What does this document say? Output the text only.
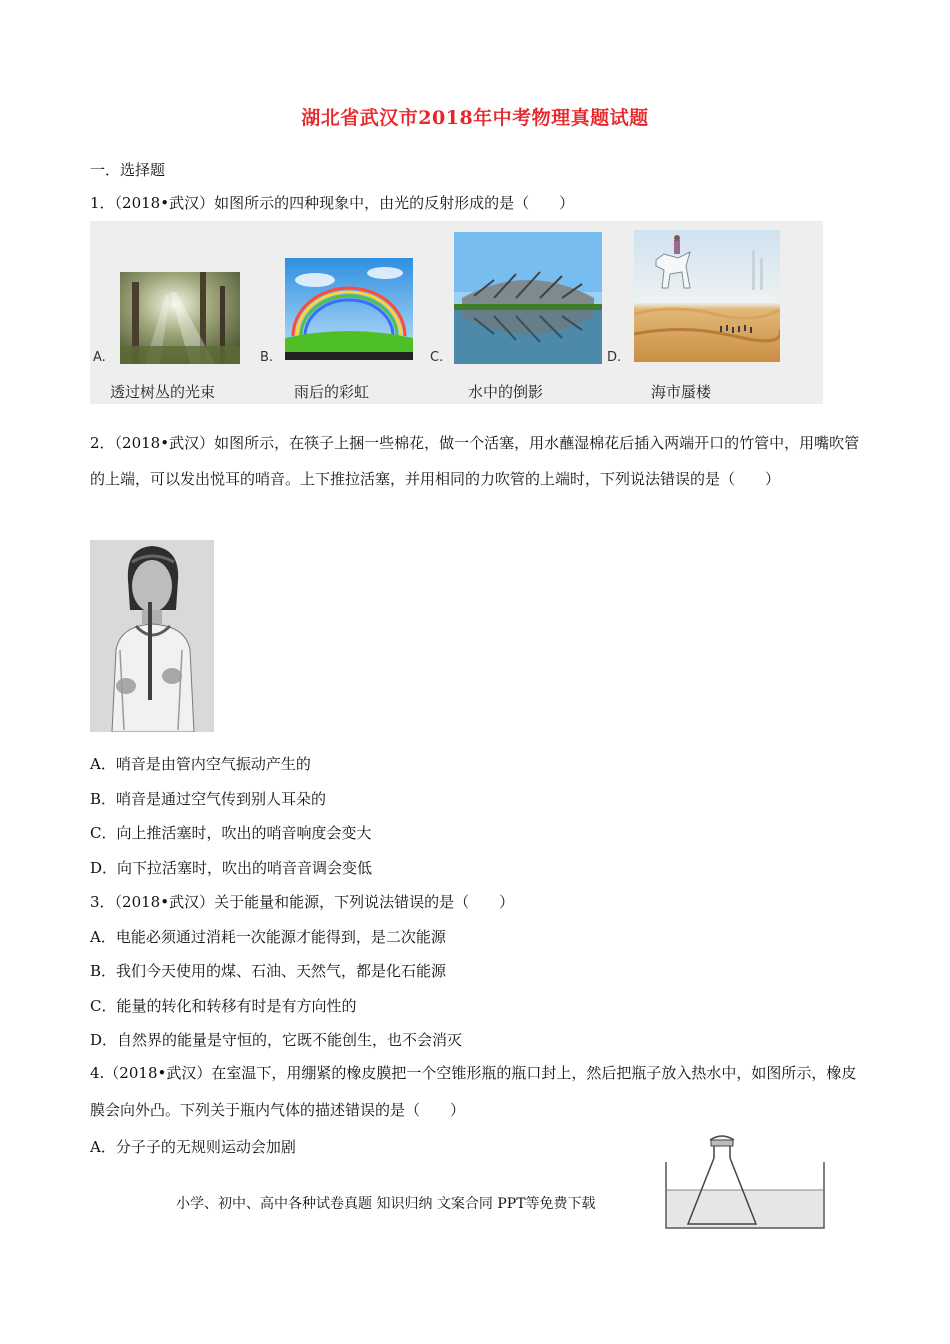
湖北省武汉市2018年中考物理真题试题
一．选择题
1．（2018•武汉）如图所示的四种现象中，由光的反射形成的是（　　）
A.
透过树丛的光束
B.
雨后的彩虹
C.
水中的倒影
D.
海市蜃楼
2．（2018•武汉）如图所示，在筷子上捆一些棉花，做一个活塞，用水蘸湿棉花后插入两端开口的竹管中，用嘴吹管的上端，可以发出悦耳的哨音。上下推拉活塞，并用相同的力吹管的上端时，下列说法错误的是（　　）
A．哨音是由管内空气振动产生的
B．哨音是通过空气传到别人耳朵的
C．向上推活塞时，吹出的哨音响度会变大
D．向下拉活塞时，吹出的哨音音调会变低
3．（2018•武汉）关于能量和能源，下列说法错误的是（　　）
A．电能必须通过消耗一次能源才能得到，是二次能源
B．我们今天使用的煤、石油、天然气，都是化石能源
C．能量的转化和转移有时是有方向性的
D．自然界的能量是守恒的，它既不能创生，也不会消灭
4.（2018•武汉）在室温下，用绷紧的橡皮膜把一个空锥形瓶的瓶口封上，然后把瓶子放入热水中，如图所示，橡皮膜会向外凸。下列关于瓶内气体的描述错误的是（　　）
A．分子子的无规则运动会加剧
小学、初中、高中各种试卷真题 知识归纳 文案合同 PPT等免费下载
